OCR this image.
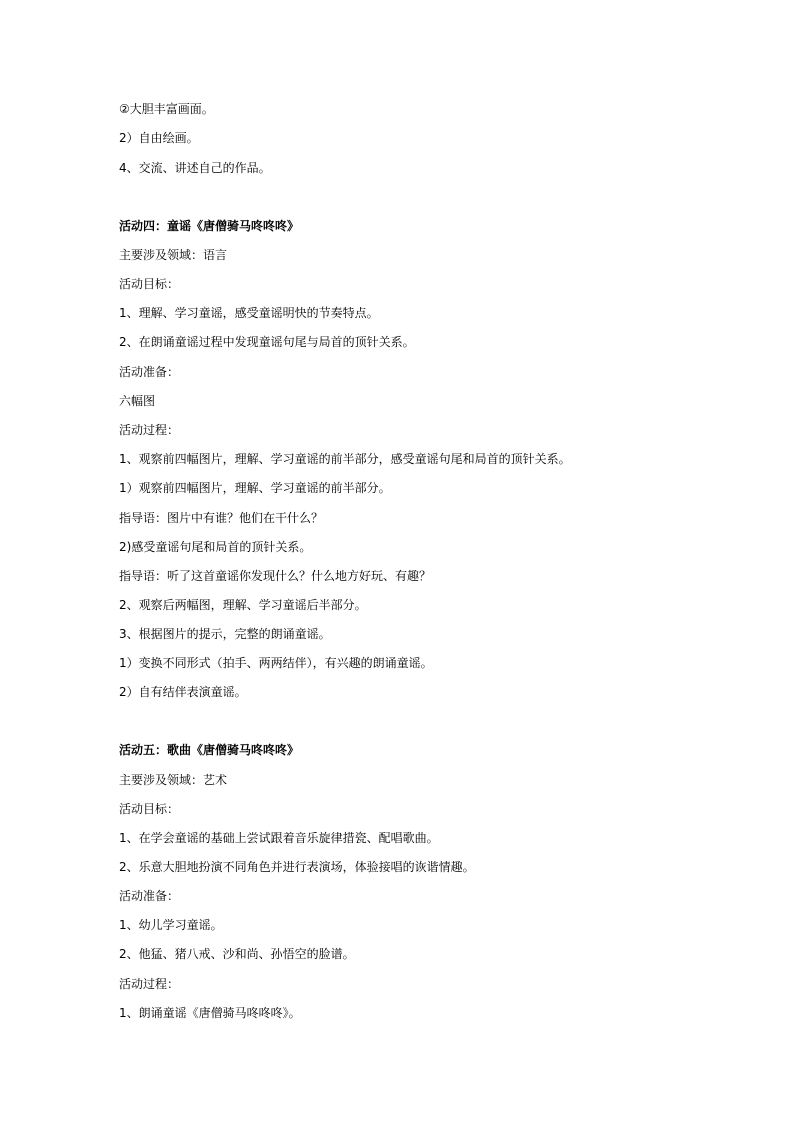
②大胆丰富画面。
2）自由绘画。
4、交流、讲述自己的作品。
活动四：童谣《唐僧骑马咚咚咚》
主要涉及领域：语言
活动目标：
1、理解、学习童谣，感受童谣明快的节奏特点。
2、在朗诵童谣过程中发现童谣句尾与局首的顶针关系。
活动准备：
六幅图
活动过程：
1、观察前四幅图片，理解、学习童谣的前半部分，感受童谣句尾和局首的顶针关系。
1）观察前四幅图片，理解、学习童谣的前半部分。
指导语：图片中有谁？他们在干什么？
2)感受童谣句尾和局首的顶针关系。
指导语：听了这首童谣你发现什么？什么地方好玩、有趣？
2、观察后两幅图，理解、学习童谣后半部分。
3、根据图片的提示，完整的朗诵童谣。
1）变换不同形式（拍手、两两结伴），有兴趣的朗诵童谣。
2）自有结伴表演童谣。
活动五：歌曲《唐僧骑马咚咚咚》
主要涉及领域：艺术
活动目标：
1、在学会童谣的基础上尝试跟着音乐旋律措瓷、配唱歌曲。
2、乐意大胆地扮演不同角色并进行表演场，体验接唱的诙谐情趣。
活动准备：
1、幼儿学习童谣。
2、他猛、猪八戒、沙和尚、孙悟空的脸谱。
活动过程：
1、朗诵童谣《唐僧骑马咚咚咚》。
